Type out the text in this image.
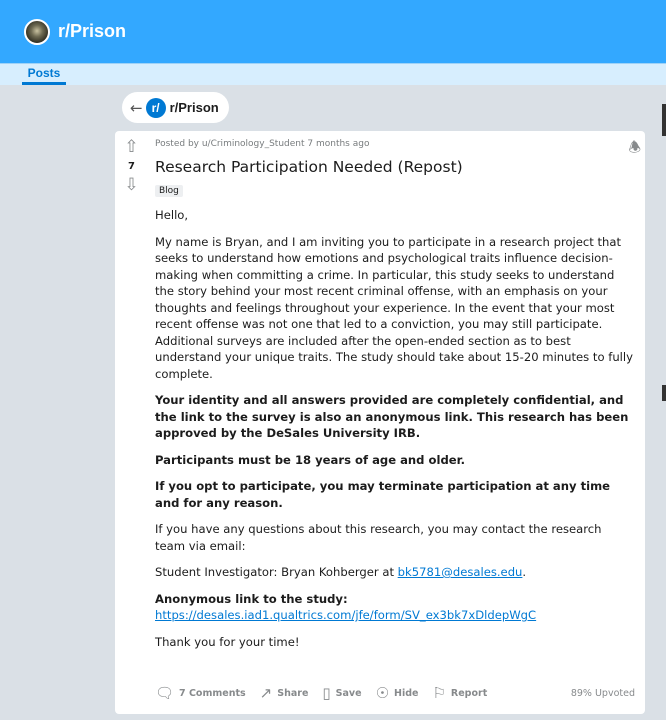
r/Prison
Posts
← r/ r/Prison
⇧
7
⇩
🕭
Posted by u/Criminology_Student 7 months ago
Research Participation Needed (Repost)
Blog

Hello,

My name is Bryan, and I am inviting you to participate in a research project that seeks to understand how emotions and psychological traits influence decision-making when committing a crime. In particular, this study seeks to understand the story behind your most recent criminal offense, with an emphasis on your thoughts and feelings throughout your experience. In the event that your most recent offense was not one that led to a conviction, you may still participate. Additional surveys are included after the open-ended section as to best understand your unique traits. The study should take about 15-20 minutes to fully complete.

Your identity and all answers provided are completely confidential, and the link to the survey is also an anonymous link. This research has been approved by the DeSales University IRB.

Participants must be 18 years of age and older.

If you opt to participate, you may terminate participation at any time and for any reason.

If you have any questions about this research, you may contact the research team via email:

Student Investigator: Bryan Kohberger at bk5781@desales.edu.

Anonymous link to the study:
https://desales.iad1.qualtrics.com/jfe/form/SV_ex3bk7xDldepWgC

Thank you for your time!

🗨 7 Comments ↗ Share ▯ Save ☉ Hide ⚐ Report	89% Upvoted
